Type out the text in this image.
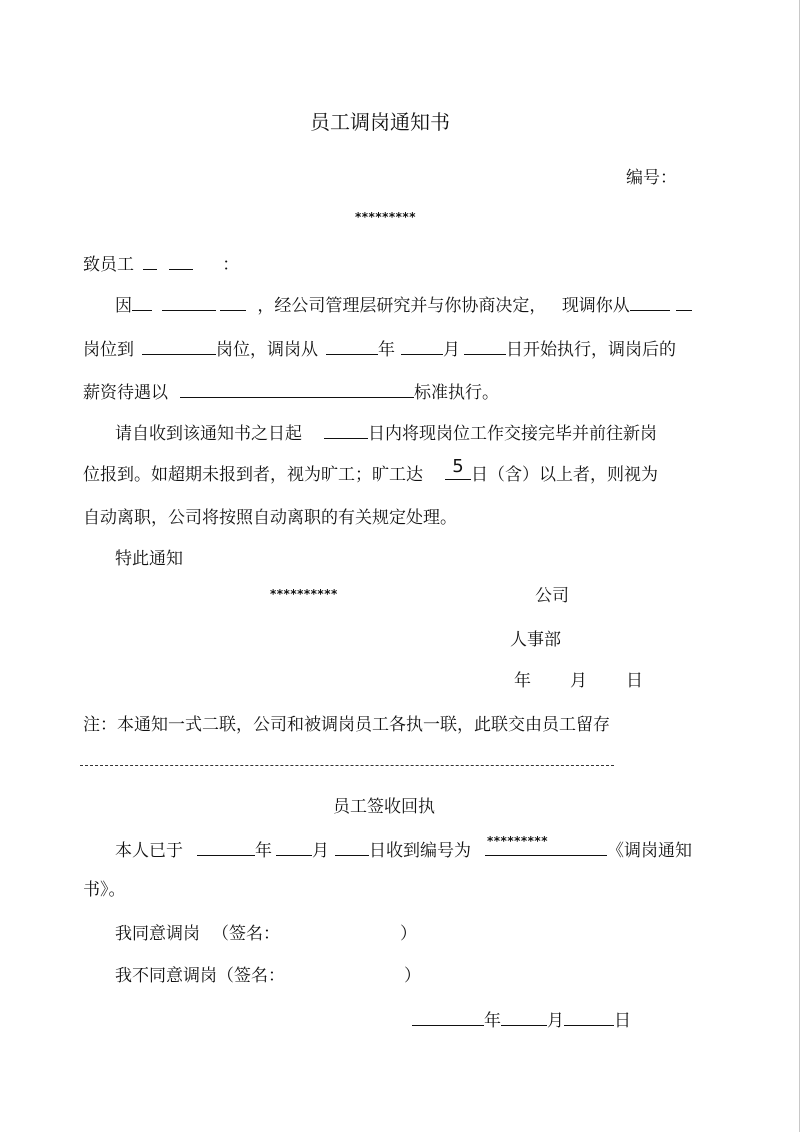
员工调岗通知书
编号：
*********
致员工	：
因	，经公司管理层研究并与你协商决定， 现调你从
岗位到	岗位，调岗从	年	月	日开始执行，调岗后的
薪资待遇以	标准执行。
请自收到该通知书之日起	日内将现岗位工作交接完毕并前往新岗
位报到。如超期未报到者，视为旷工；旷工达	5 日（含）以上者，则视为
自动离职，公司将按照自动离职的有关规定处理。
特此通知
**********	公司
人事部
年 月 日
注：本通知一式二联，公司和被调岗员工各执一联，此联交由员工留存
员工签收回执
本人已于	年 月 日收到编号为 *********	《调岗通知
书》。
我同意调岗 （签名：	）
我不同意调岗（签名：	）
年	月	日
